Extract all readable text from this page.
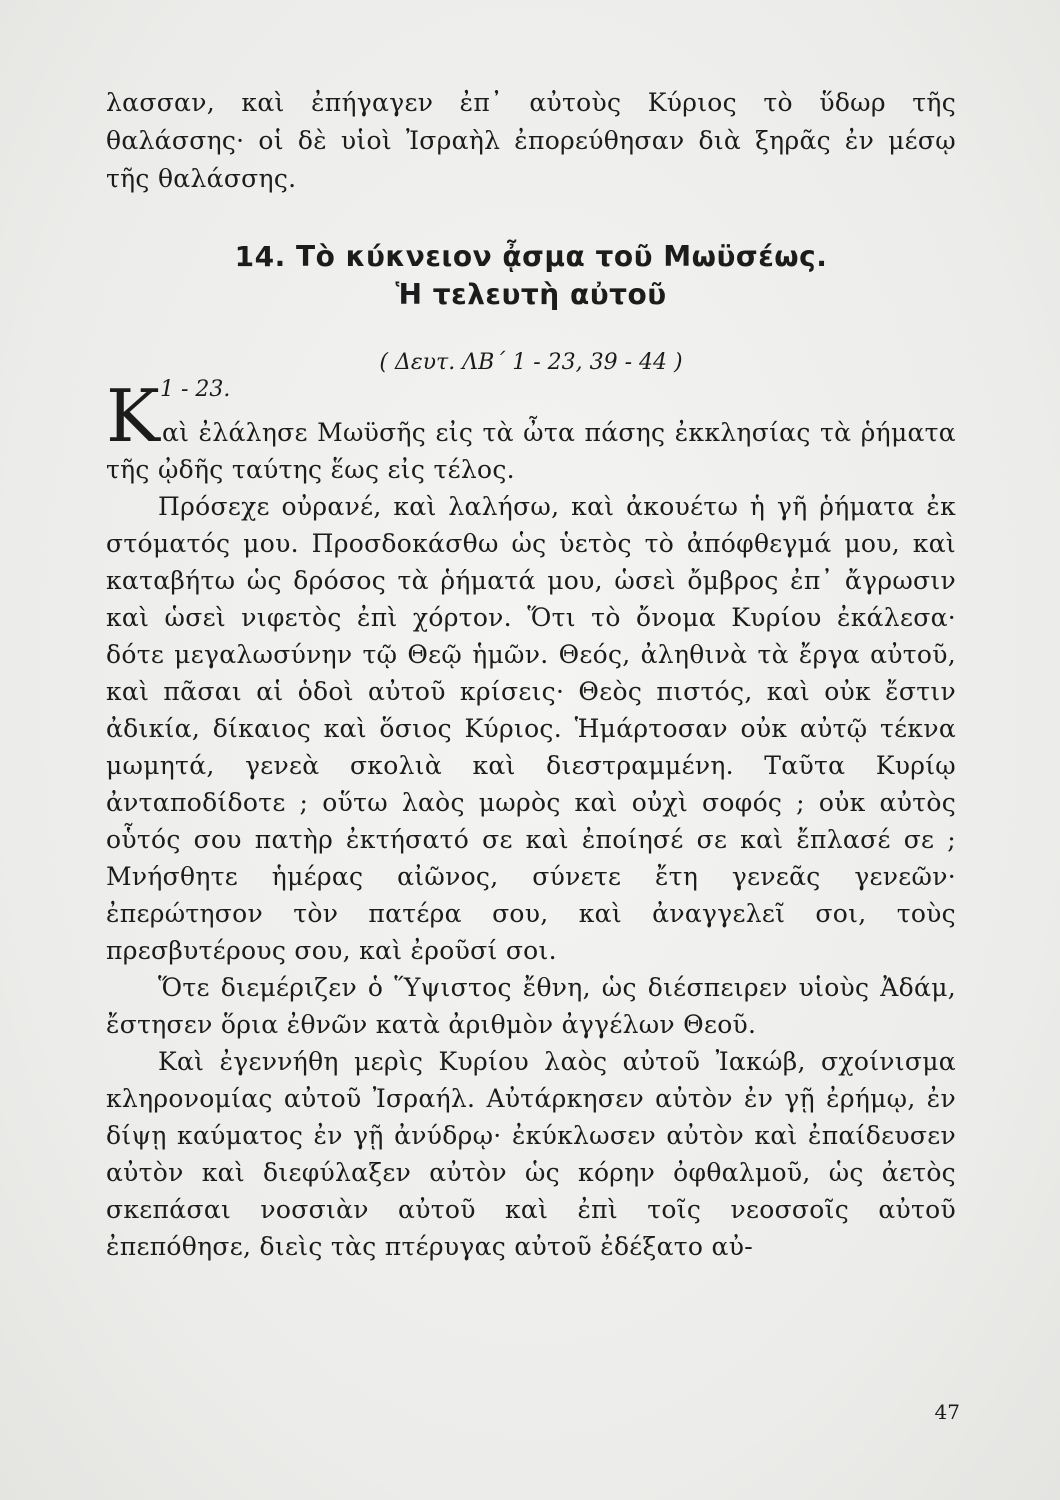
λασσαν, καὶ ἐπήγαγεν ἐπ᾽ αὐτοὺς Κύριος τὸ ὕδωρ τῆς θαλάσσης· οἱ δὲ υἱοὶ Ἰσραὴλ ἐπορεύθησαν διὰ ξηρᾶς ἐν μέσῳ τῆς θαλάσσης.

14. Τὸ κύκνειον ᾆσμα τοῦ Μωϋσέως.
Ἡ τελευτὴ αὐτοῦ
( Δευτ. ΛΒ΄ 1 - 23, 39 - 44 )
1 - 23.
Κ αὶ ἐλάλησε Μωϋσῆς εἰς τὰ ὦτα πάσης ἐκκλησίας τὰ ῥήματα τῆς ᾠδῆς ταύτης ἕως εἰς τέλος.

Πρόσεχε οὐρανέ, καὶ λαλήσω, καὶ ἀκουέτω ἡ γῆ ῥήματα ἐκ στόματός μου. Προσδοκάσθω ὡς ὑετὸς τὸ ἀπόφθεγμά μου, καὶ καταβήτω ὡς δρόσος τὰ ῥήματά μου, ὡσεὶ ὄμβρος ἐπ᾽ ἄγρωσιν καὶ ὡσεὶ νιφετὸς ἐπὶ χόρτον. Ὅτι τὸ ὄνομα Κυρίου ἐκάλεσα· δότε μεγαλωσύνην τῷ Θεῷ ἡμῶν. Θεός, ἀληθινὰ τὰ ἔργα αὐτοῦ, καὶ πᾶσαι αἱ ὁδοὶ αὐτοῦ κρίσεις· Θεὸς πιστός, καὶ οὐκ ἔστιν ἀδικία, δίκαιος καὶ ὅσιος Κύριος. Ἡμάρτοσαν οὐκ αὐτῷ τέκνα μωμητά, γενεὰ σκολιὰ καὶ διεστραμμένη. Ταῦτα Κυρίῳ ἀνταποδίδοτε ; οὕτω λαὸς μωρὸς καὶ οὐχὶ σοφός ; οὐκ αὐτὸς οὗτός σου πατὴρ ἐκτήσατό σε καὶ ἐποίησέ σε καὶ ἔπλασέ σε ; Μνήσθητε ἡμέρας αἰῶνος, σύνετε ἔτη γενεᾶς γενεῶν· ἐπερώτησον τὸν πατέρα σου, καὶ ἀναγγελεῖ σοι, τοὺς πρεσβυτέρους σου, καὶ ἐροῦσί σοι.

Ὅτε διεμέριζεν ὁ Ὕψιστος ἔθνη, ὡς διέσπειρεν υἱοὺς Ἀδάμ, ἔστησεν ὅρια ἐθνῶν κατὰ ἀριθμὸν ἀγγέλων Θεοῦ.

Καὶ ἐγεννήθη μερὶς Κυρίου λαὸς αὐτοῦ Ἰακώβ, σχοίνισμα κληρονομίας αὐτοῦ Ἰσραήλ. Αὐτάρκησεν αὐτὸν ἐν γῇ ἐρήμῳ, ἐν δίψῃ καύματος ἐν γῇ ἀνύδρῳ· ἐκύκλωσεν αὐτὸν καὶ ἐπαίδευσεν αὐτὸν καὶ διεφύλαξεν αὐτὸν ὡς κόρην ὀφθαλμοῦ, ὡς ἀετὸς σκεπάσαι νοσσιὰν αὐτοῦ καὶ ἐπὶ τοῖς νεοσσοῖς αὐτοῦ ἐπεπόθησε, διεὶς τὰς πτέρυγας αὐτοῦ ἐδέξατο αὐ-

47
